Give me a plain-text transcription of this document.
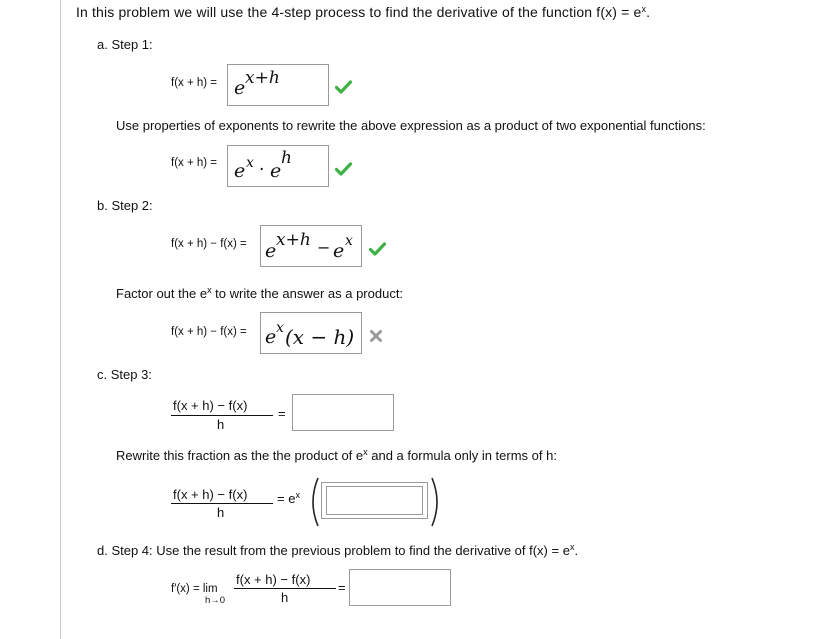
In this problem we will use the 4-step process to find the derivative of the function $f(x) = e^x$.
a. Step 1:
f(x + h) = e x+h
Use properties of exponents to rewrite the above expression as a product of two exponential functions:
f(x + h) = e x · e
h
b. Step 2:
f(x + h) − f(x) = e x+h − e x
Factor out the $e^x$ to write the answer as a product:
f(x + h) − f(x) = e x (x − h)
c. Step 3:
f(x + h) − f(x)
h
=
Rewrite this fraction as the the product of $e^x$ and a formula only in terms of h:
f(x + h) − f(x)
h
= $e^x$
d. Step 4: Use the result from the previous problem to find the derivative of $f(x) = e^x$.
f′(x) = lim
h→0
f(x + h) − f(x)
h
=
